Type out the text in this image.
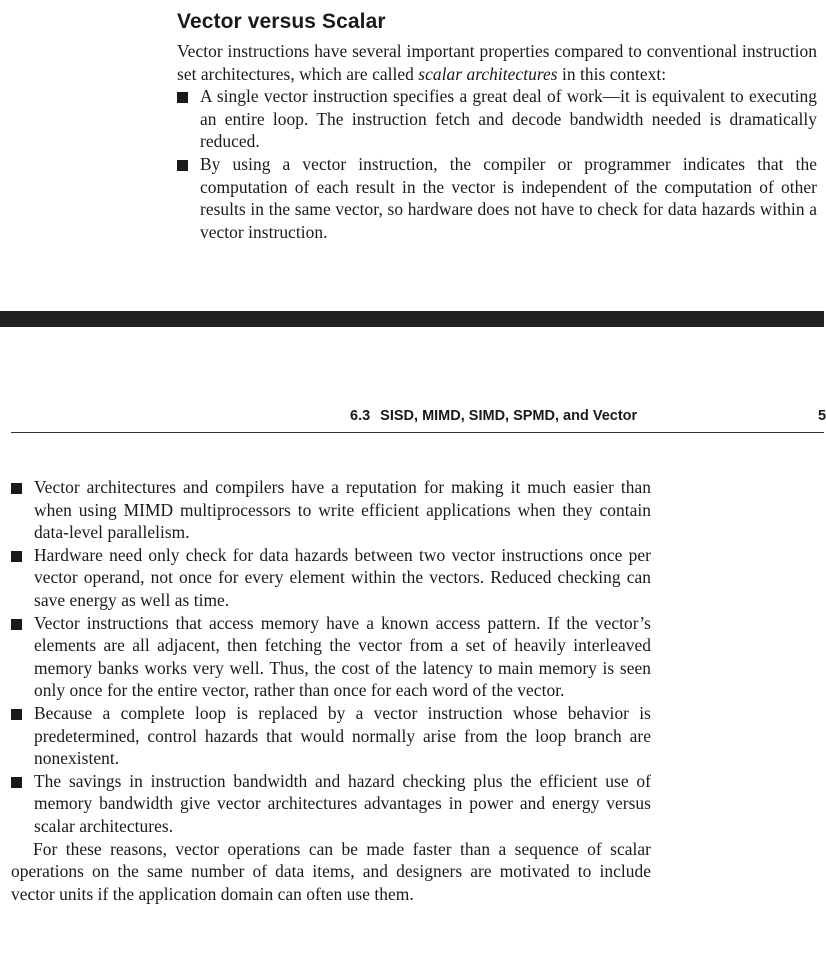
Vector versus Scalar

Vector instructions have several important properties compared to conventional instruction set architectures, which are called scalar architectures in this context:

A single vector instruction specifies a great deal of work—it is equivalent to executing an entire loop. The instruction fetch and decode bandwidth needed is dramatically reduced.
By using a vector instruction, the compiler or programmer indicates that the computation of each result in the vector is independent of the computation of other results in the same vector, so hardware does not have to check for data hazards within a vector instruction.
6.3 SISD, MIMD, SIMD, SPMD, and Vector	5
Vector architectures and compilers have a reputation for making it much easier than when using MIMD multiprocessors to write efficient applications when they contain data-level parallelism.
Hardware need only check for data hazards between two vector instructions once per vector operand, not once for every element within the vectors. Reduced checking can save energy as well as time.
Vector instructions that access memory have a known access pattern. If the vector’s elements are all adjacent, then fetching the vector from a set of heavily interleaved memory banks works very well. Thus, the cost of the latency to main memory is seen only once for the entire vector, rather than once for each word of the vector.
Because a complete loop is replaced by a vector instruction whose behavior is predetermined, control hazards that would normally arise from the loop branch are nonexistent.
The savings in instruction bandwidth and hazard checking plus the efficient use of memory bandwidth give vector architectures advantages in power and energy versus scalar architectures.

For these reasons, vector operations can be made faster than a sequence of scalar operations on the same number of data items, and designers are motivated to include vector units if the application domain can often use them.
